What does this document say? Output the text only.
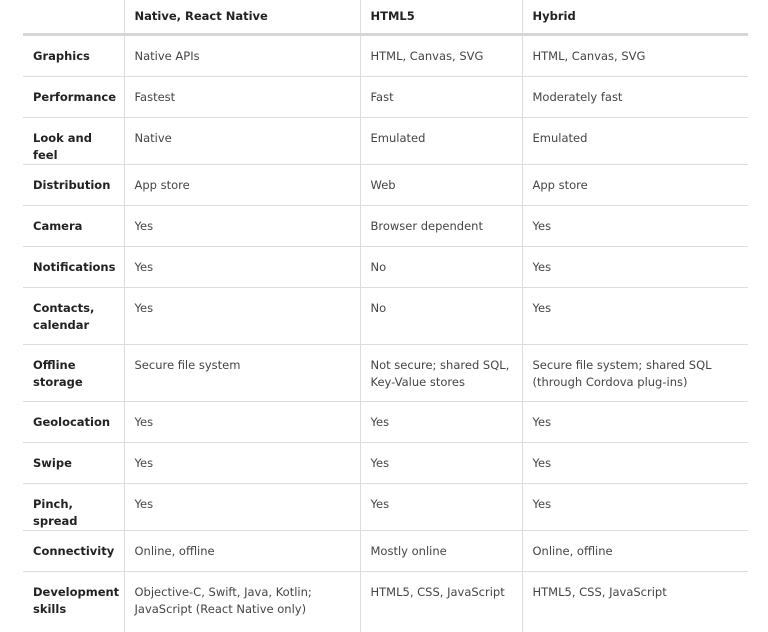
	Native, React Native	HTML5	Hybrid
Graphics	Native APIs	HTML, Canvas, SVG	HTML, Canvas, SVG
Performance	Fastest	Fast	Moderately fast
Look and feel	Native	Emulated	Emulated
Distribution	App store	Web	App store
Camera	Yes	Browser dependent	Yes
Notifications	Yes	No	Yes
Contacts, calendar	Yes	No	Yes
Offline storage	Secure file system	Not secure; shared SQL, Key-Value stores	Secure file system; shared SQL (through Cordova plug-ins)
Geolocation	Yes	Yes	Yes
Swipe	Yes	Yes	Yes
Pinch, spread	Yes	Yes	Yes
Connectivity	Online, offline	Mostly online	Online, offline
Development skills	Objective-C, Swift, Java, Kotlin; JavaScript (React Native only)	HTML5, CSS, JavaScript	HTML5, CSS, JavaScript
